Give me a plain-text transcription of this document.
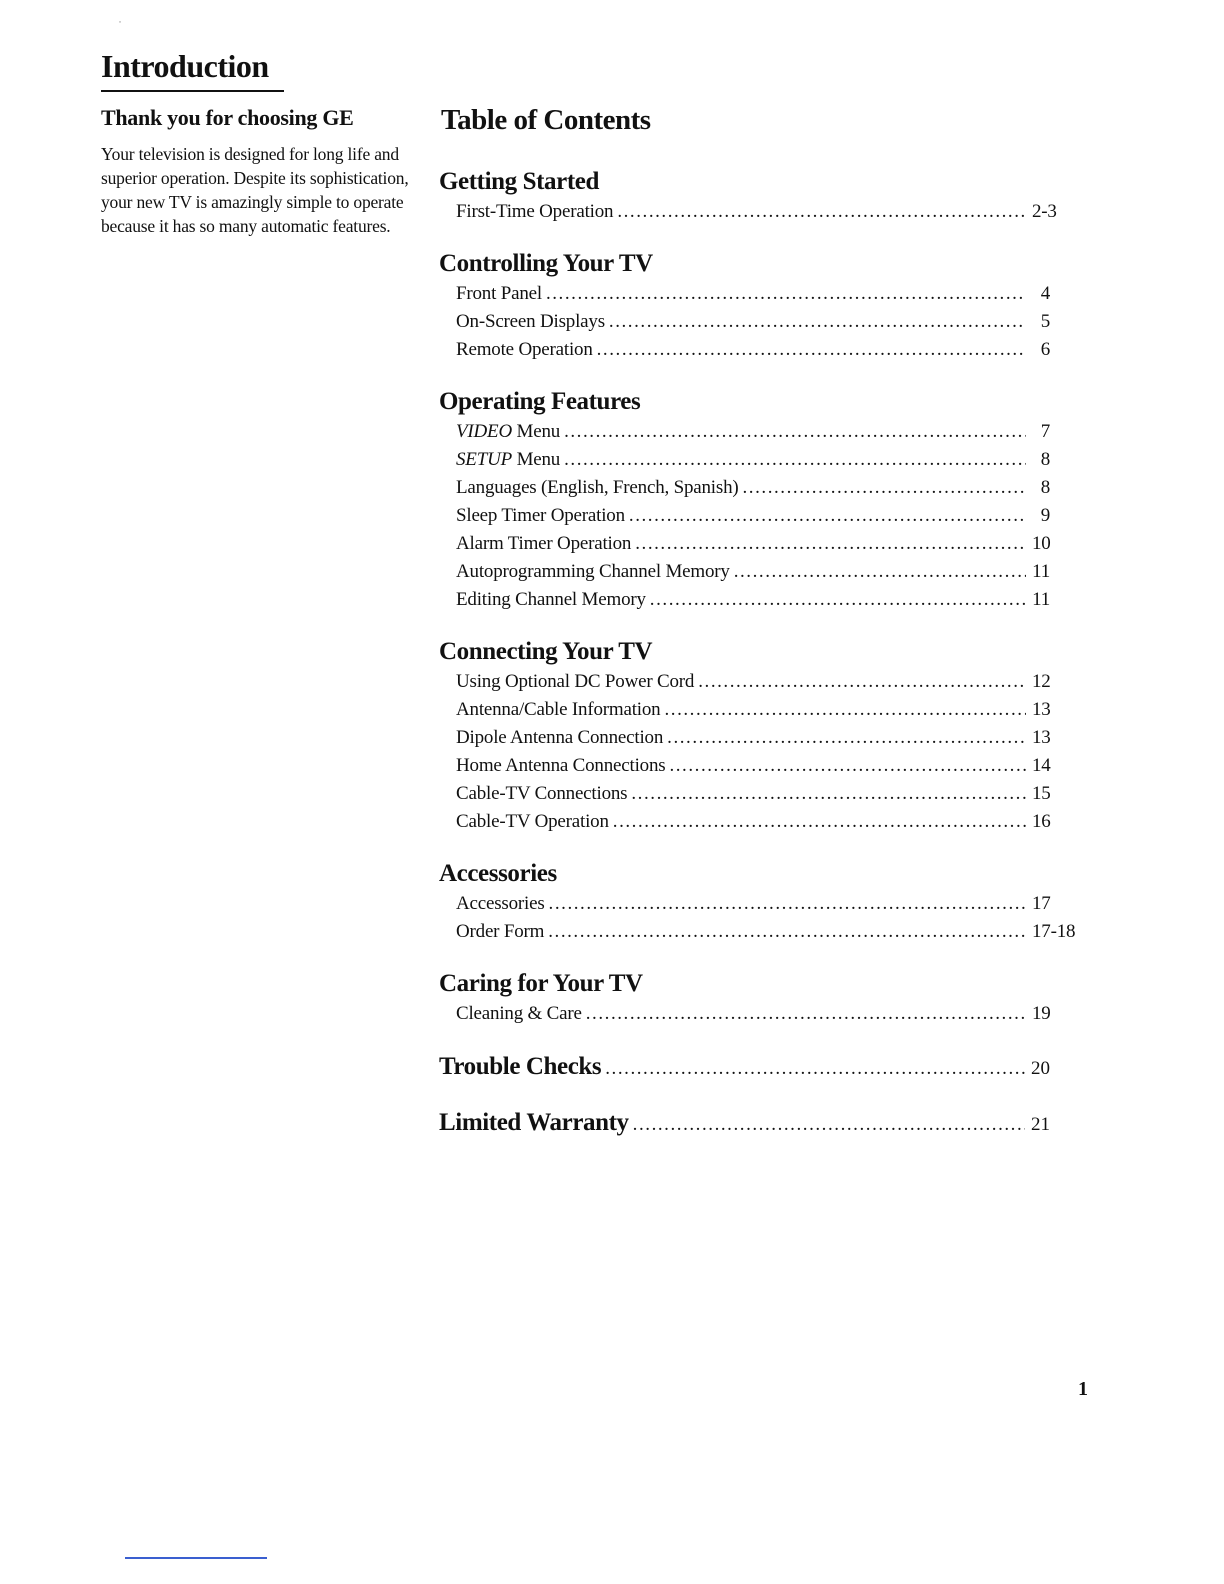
˙
Introduction
Thank you for choosing GE

Your television is designed for long life and superior operation. Despite its sophistication, your new TV is amazingly simple to operate because it has so many automatic features.

Table of Contents
Getting Started
First-Time Operation . . .	2-3
Controlling Your TV
Front Panel . . .	4
On-Screen Displays . . .	5
Remote Operation . . .	6
Operating Features
VIDEO Menu . . .	7
SETUP Menu . . .	8
Languages (English, French, Spanish) . . .	8
Sleep Timer Operation . . .	9
Alarm Timer Operation . . .	10
Autoprogramming Channel Memory . . .	11
Editing Channel Memory . . .	11
Connecting Your TV
Using Optional DC Power Cord . . .	12
Antenna/Cable Information . . .	13
Dipole Antenna Connection . . .	13
Home Antenna Connections . . .	14
Cable-TV Connections . . .	15
Cable-TV Operation . . .	16
Accessories
Accessories . . .	17
Order Form . . .	17-18
Caring for Your TV
Cleaning & Care . . .	19
Trouble Checks . . .	20
Limited Warranty . . .	21
1
